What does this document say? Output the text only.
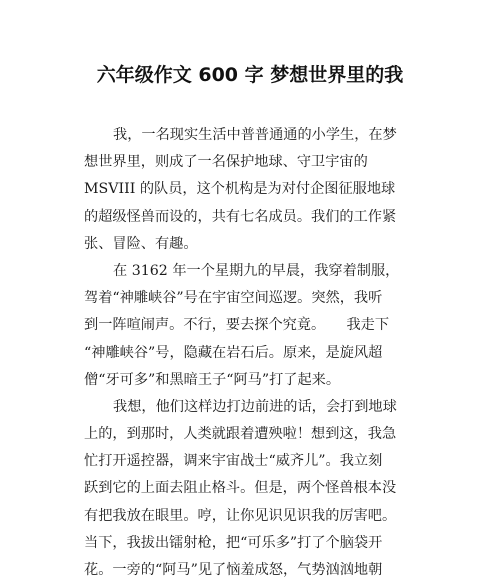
六年级作文 600 字 梦想世界里的我

我，一名现实生活中普普通通的小学生，在梦
想世界里，则成了一名保护地球、守卫宇宙的
MSVIII 的队员，这个机构是为对付企图征服地球
的超级怪兽而设的，共有七名成员。我们的工作紧
张、冒险、有趣。

在 3162 年一个星期九的早晨，我穿着制服，
驾着“神雕峡谷”号在宇宙空间巡逻。突然，我听
到一阵喧闹声。不行，要去探个究竟。　　我走下
“神雕峡谷”号，隐藏在岩石后。原来，是旋风超
僧“牙可多”和黑暗王子“阿马”打了起来。

我想，他们这样边打边前进的话，会打到地球
上的，到那时，人类就跟着遭殃啦！想到这，我急
忙打开遥控器，调来宇宙战士“威齐儿”。我立刻
跃到它的上面去阻止格斗。但是，两个怪兽根本没
有把我放在眼里。哼，让你见识见识我的厉害吧。
当下，我拔出镭射枪，把“可乐多”打了个脑袋开
花。一旁的“阿马”见了恼羞成怒，气势汹汹地朝
